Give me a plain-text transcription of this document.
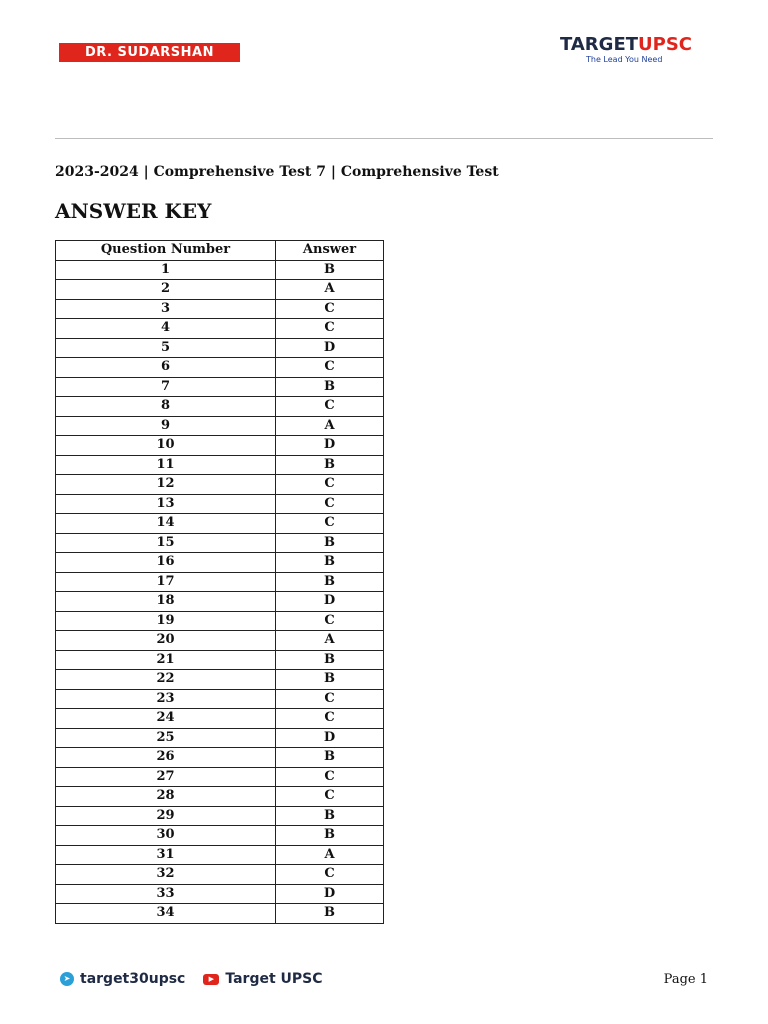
DR. SUDARSHAN LODHA
TARGETUPSC
The Lead You Need
2023-2024 | Comprehensive Test 7 | Comprehensive Test
ANSWER KEY
Question Number	Answer
1	B
2	A
3	C
4	C
5	D
6	C
7	B
8	C
9	A
10	D
11	B
12	C
13	C
14	C
15	B
16	B
17	B
18	D
19	C
20	A
21	B
22	B
23	C
24	C
25	D
26	B
27	C
28	C
29	B
30	B
31	A
32	C
33	D
34	B
➤ target30upsc	▶ Target UPSC	Page 1
